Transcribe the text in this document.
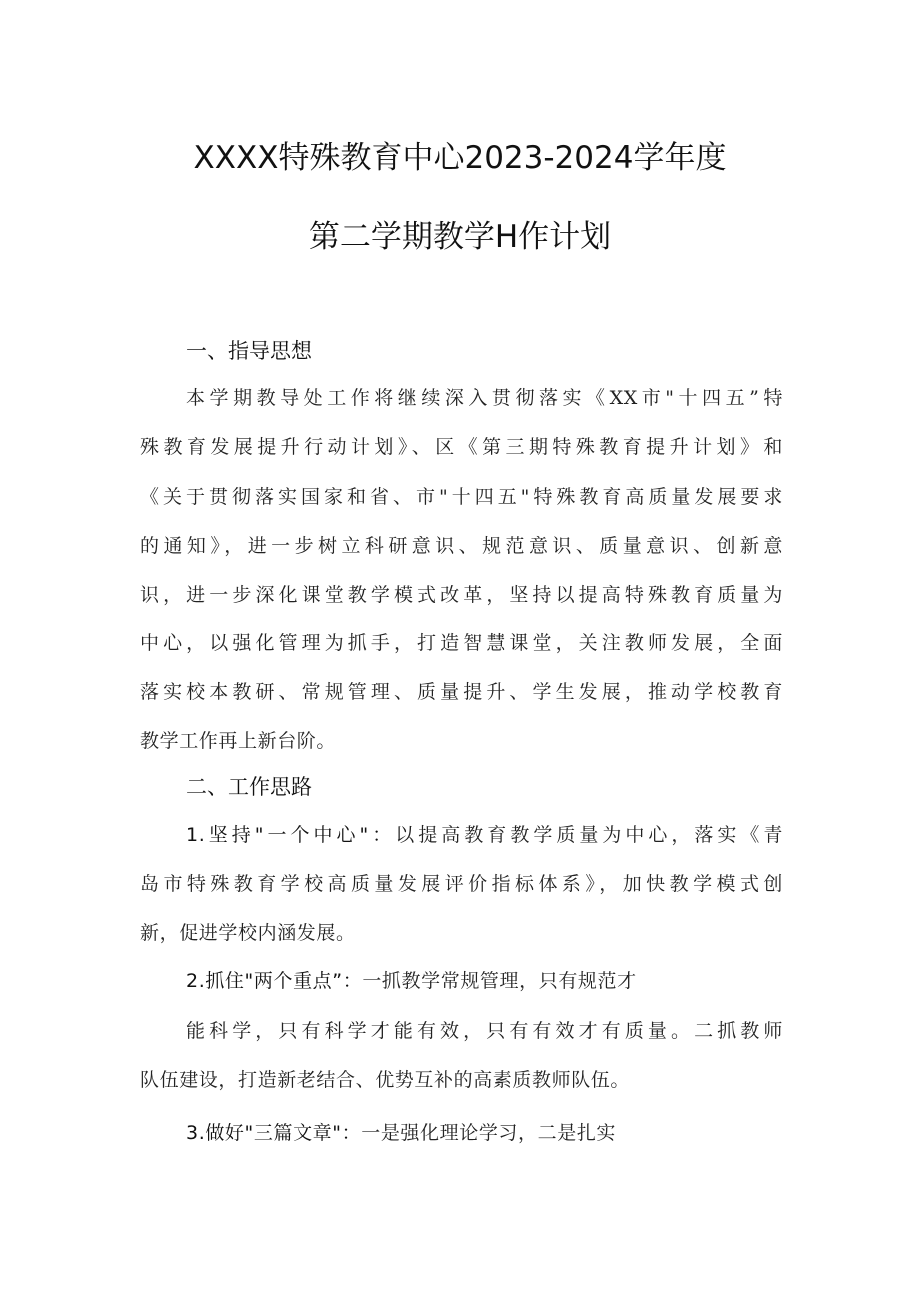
XXXX特殊教育中心2023-2024学年度
第二学期教学H作计划
一、指导思想
本学期教导处工作将继续深入贯彻落实《XX市"十四五”特
殊教育发展提升行动计划》、区《第三期特殊教育提升计划》和
《关于贯彻落实国家和省、市"十四五"特殊教育高质量发展要求
的通知》，进一步树立科研意识、规范意识、质量意识、创新意
识，进一步深化课堂教学模式改革，坚持以提高特殊教育质量为
中心，以强化管理为抓手，打造智慧课堂，关注教师发展，全面
落实校本教研、常规管理、质量提升、学生发展，推动学校教育
教学工作再上新台阶。
二、工作思路
1.坚持"一个中心"：以提高教育教学质量为中心，落实《青
岛市特殊教育学校高质量发展评价指标体系》，加快教学模式创
新，促进学校内涵发展。
2.抓住"两个重点”：一抓教学常规管理，只有规范才
能科学，只有科学才能有效，只有有效才有质量。二抓教师
队伍建设，打造新老结合、优势互补的高素质教师队伍。
3.做好"三篇文章"：一是强化理论学习，二是扎实
